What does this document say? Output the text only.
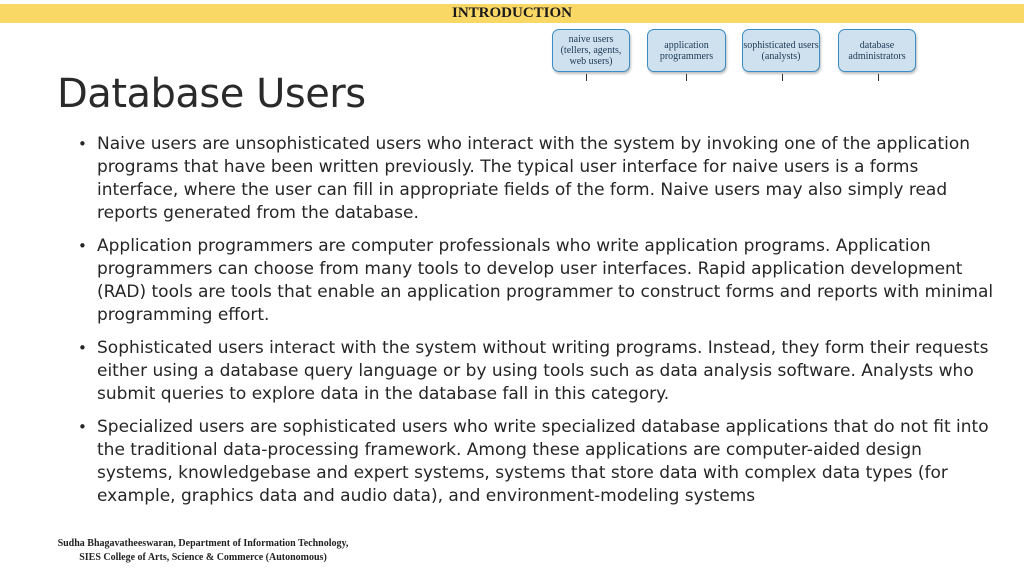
INTRODUCTION
Database Users
naive users (tellers, agents, web users)
application programmers
sophisticated users (analysts)
database administrators
• Naive users are unsophisticated users who interact with the system by invoking one of the application programs that have been written previously. The typical user interface for naive users is a forms interface, where the user can fill in appropriate fields of the form. Naive users may also simply read reports generated from the database.
• Application programmers are computer professionals who write application programs. Application programmers can choose from many tools to develop user interfaces. Rapid application development (RAD) tools are tools that enable an application programmer to construct forms and reports with minimal programming effort.
• Sophisticated users interact with the system without writing programs. Instead, they form their requests either using a database query language or by using tools such as data analysis software. Analysts who submit queries to explore data in the database fall in this category.
• Specialized users are sophisticated users who write specialized database applications that do not fit into the traditional data-processing framework. Among these applications are computer-aided design systems, knowledgebase and expert systems, systems that store data with complex data types (for example, graphics data and audio data), and environment-modeling systems
Sudha Bhagavatheeswaran, Department of Information Technology,
SIES College of Arts, Science & Commerce (Autonomous)
